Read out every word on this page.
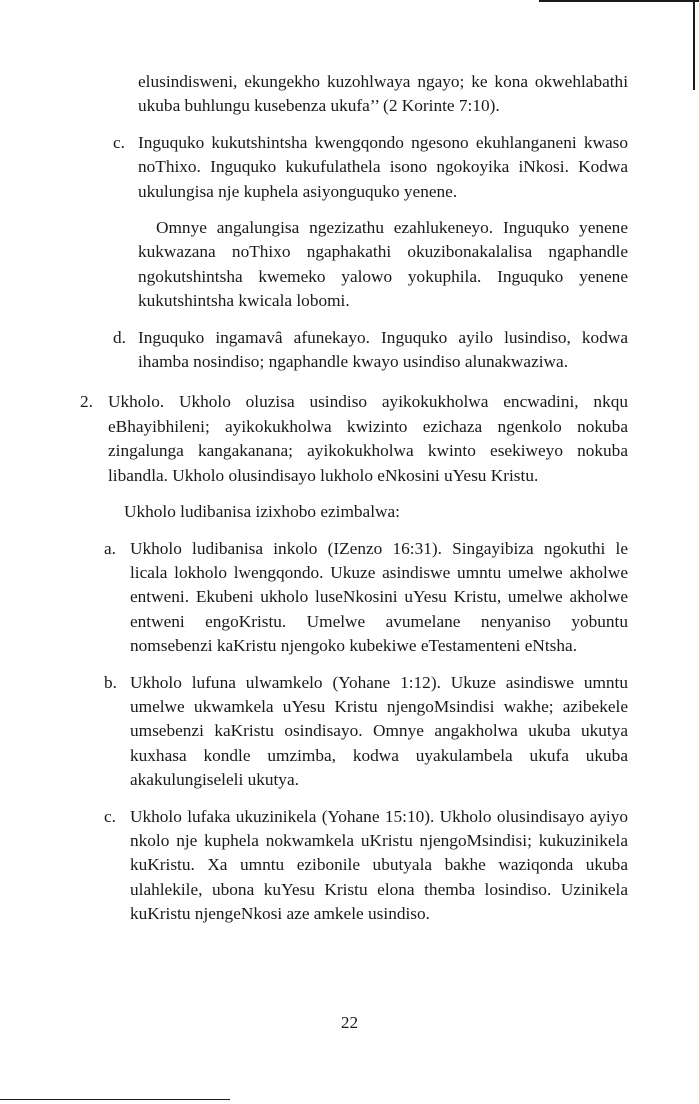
elusindisweni, ekungekho kuzohlwaya ngayo; ke kona okwehlabathi ukuba buhlungu kusebenza ukufa’’ (2 Korinte 7:10).

c. Inguquko kukutshintsha kwengqondo ngesono ekuhlanganeni kwaso noThixo. Inguquko kukufulathela isono ngokoyika iNkosi. Kodwa ukulungisa nje kuphela asiyonguquko yenene.

Omnye angalungisa ngezizathu ezahlukeneyo. Inguquko yenene kukwazana noThixo ngaphakathi okuzibonakalalisa ngaphandle ngokutshintsha kwemeko yalowo yokuphila. Inguquko yenene kukutshintsha kwicala lobomi.

d. Inguquko ingamavȃ afunekayo. Inguquko ayilo lusindiso, kodwa ihamba nosindiso; ngaphandle kwayo usindiso alunakwaziwa.

2. Ukholo. Ukholo oluzisa usindiso ayikokukholwa encwadini, nkqu eBhayibhileni; ayikokukholwa kwizinto ezichaza ngenkolo nokuba zingalunga kangakanana; ayikokukholwa kwinto esekiweyo nokuba libandla. Ukholo olusindisayo lukholo eNkosini uYesu Kristu.

Ukholo ludibanisa izixhobo ezimbalwa:

a. Ukholo ludibanisa inkolo (IZenzo 16:31). Singayibiza ngokuthi le licala lokholo lwengqondo. Ukuze asindiswe umntu umelwe akholwe entweni. Ekubeni ukholo luseNkosini uYesu Kristu, umelwe akholwe entweni engoKristu. Umelwe avumelane nenyaniso yobuntu nomsebenzi kaKristu njengoko kubekiwe eTestamenteni eNtsha.

b. Ukholo lufuna ulwamkelo (Yohane 1:12). Ukuze asindiswe umntu umelwe ukwamkela uYesu Kristu njengoMsindisi wakhe; azibekele umsebenzi kaKristu osindisayo. Omnye angakholwa ukuba ukutya kuxhasa kondle umzimba, kodwa uyakulambela ukufa ukuba akakulungiseleli ukutya.

c. Ukholo lufaka ukuzinikela (Yohane 15:10). Ukholo olusindisayo ayiyo nkolo nje kuphela nokwamkela uKristu njengoMsindisi; kukuzinikela kuKristu. Xa umntu ezibonile ubutyala bakhe waziqonda ukuba ulahlekile, ubona kuYesu Kristu elona themba losindiso. Uzinikela kuKristu njengeNkosi aze amkele usindiso.

22
